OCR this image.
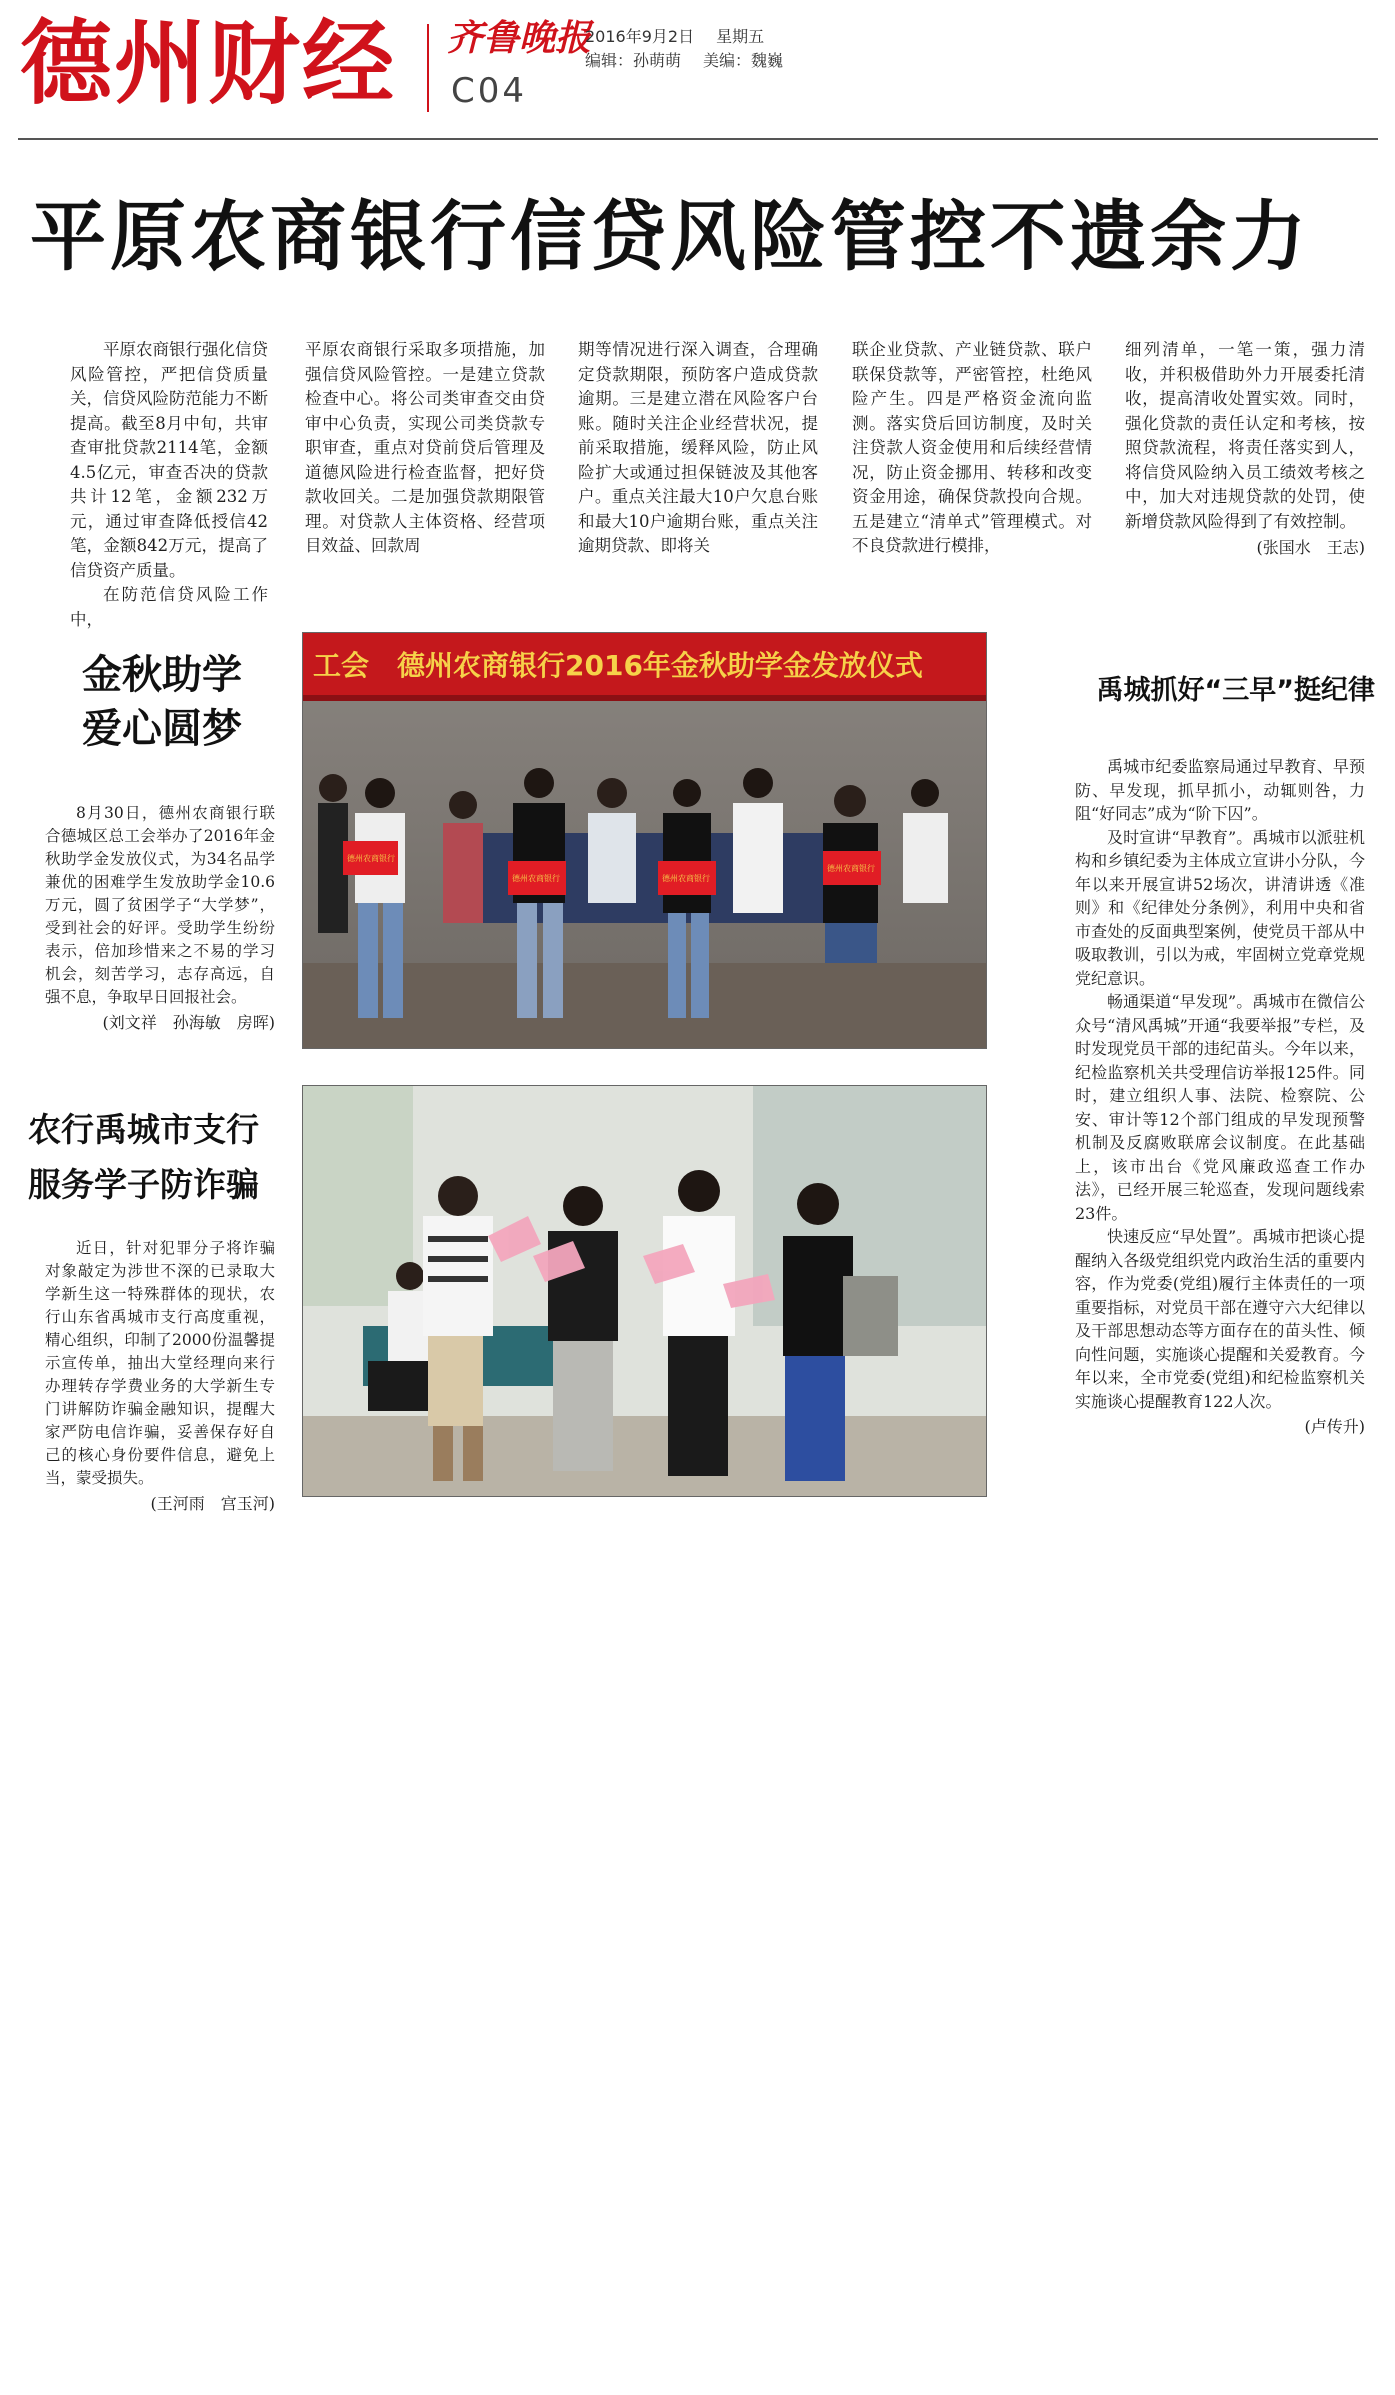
德州财经 齐鲁晚报
C04
2016年9月2日 星期五
编辑：孙萌萌 美编：魏巍
平原农商银行信贷风险管控不遗余力

平原农商银行强化信贷风险管控，严把信贷质量关，信贷风险防范能力不断提高。截至8月中旬，共审查审批贷款2114笔，金额4.5亿元，审查否决的贷款共计12笔，金额232万元，通过审查降低授信42笔，金额842万元，提高了信贷资产质量。

在防范信贷风险工作中，

平原农商银行采取多项措施，加强信贷风险管控。一是建立贷款检查中心。将公司类审查交由贷审中心负责，实现公司类贷款专职审查，重点对贷前贷后管理及道德风险进行检查监督，把好贷款收回关。二是加强贷款期限管理。对贷款人主体资格、经营项目效益、回款周

期等情况进行深入调查，合理确定贷款期限，预防客户造成贷款逾期。三是建立潜在风险客户台账。随时关注企业经营状况，提前采取措施，缓释风险，防止风险扩大或通过担保链波及其他客户。重点关注最大10户欠息台账和最大10户逾期台账，重点关注逾期贷款、即将关

联企业贷款、产业链贷款、联户联保贷款等，严密管控，杜绝风险产生。四是严格资金流向监测。落实贷后回访制度，及时关注贷款人资金使用和后续经营情况，防止资金挪用、转移和改变资金用途，确保贷款投向合规。五是建立“清单式”管理模式。对不良贷款进行模排，

细列清单，一笔一策，强力清收，并积极借助外力开展委托清收，提高清收处置实效。同时，强化贷款的责任认定和考核，按照贷款流程，将责任落实到人，将信贷风险纳入员工绩效考核之中，加大对违规贷款的处罚，使新增贷款风险得到了有效控制。

(张国水　王志)
金秋助学
爱心圆梦

8月30日，德州农商银行联合德城区总工会举办了2016年金秋助学金发放仪式，为34名品学兼优的困难学生发放助学金10.6万元，圆了贫困学子“大学梦”，受到社会的好评。受助学生纷纷表示，倍加珍惜来之不易的学习机会，刻苦学习，志存高远，自强不息，争取早日回报社会。

(刘文祥　孙海敏　房晖)
工会　德州农商银行2016年金秋助学金发放仪式
德州农商银行
德州农商银行	德州农商银行
德州农商银行
农行禹城市支行
服务学子防诈骗

近日，针对犯罪分子将诈骗对象敲定为涉世不深的已录取大学新生这一特殊群体的现状，农行山东省禹城市支行高度重视，精心组织，印制了2000份温馨提示宣传单，抽出大堂经理向来行办理转存学费业务的大学新生专门讲解防诈骗金融知识，提醒大家严防电信诈骗，妥善保存好自己的核心身份要件信息，避免上当，蒙受损失。

(王河雨　宫玉河)
禹城抓好“三早”挺纪律

禹城市纪委监察局通过早教育、早预防、早发现，抓早抓小，动辄则咎，力阻“好同志”成为“阶下囚”。

及时宣讲“早教育”。禹城市以派驻机构和乡镇纪委为主体成立宣讲小分队，今年以来开展宣讲52场次，讲清讲透《准则》和《纪律处分条例》，利用中央和省市查处的反面典型案例，使党员干部从中吸取教训，引以为戒，牢固树立党章党规党纪意识。

畅通渠道“早发现”。禹城市在微信公众号“清风禹城”开通“我要举报”专栏，及时发现党员干部的违纪苗头。今年以来，纪检监察机关共受理信访举报125件。同时，建立组织人事、法院、检察院、公安、审计等12个部门组成的早发现预警机制及反腐败联席会议制度。在此基础上，该市出台《党风廉政巡查工作办法》，已经开展三轮巡查，发现问题线索23件。

快速反应“早处置”。禹城市把谈心提醒纳入各级党组织党内政治生活的重要内容，作为党委(党组)履行主体责任的一项重要指标，对党员干部在遵守六大纪律以及干部思想动态等方面存在的苗头性、倾向性问题，实施谈心提醒和关爱教育。今年以来，全市党委(党组)和纪检监察机关实施谈心提醒教育122人次。

(卢传升)
